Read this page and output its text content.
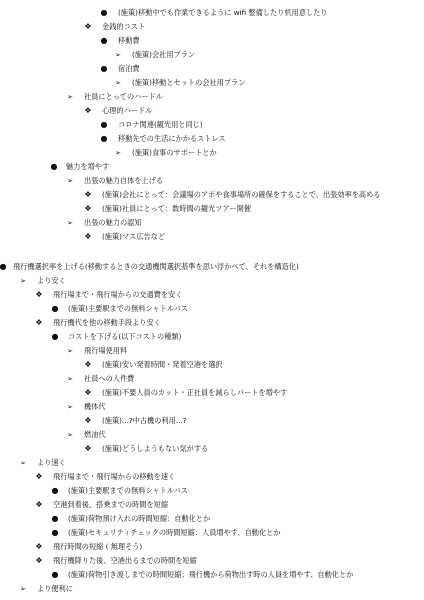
● (施策)移動中でも作業できるように wifi 整備したり机用意したり
❖ 金銭的コスト
● 移動費
➢ (施策)会社用プラン
● 宿泊費
➢ (施策)移動とセットの会社用プラン
➢ 社員にとってのハードル
❖ 心理的ハードル
● コロナ関連(観光用と同じ)
● 移動先での生活にかかるストレス
➢ (施策)食事のサポートとか
● 魅力を増やす
➢ 出張の魅力自体を上げる
❖ (施策)会社にとって：会議場のアポや食事場所の確保をすることで、出張効率を高める
❖ (施策)社員にとって：数時間の観光ツアー開催
➢ 出張の魅力の認知
❖ (施策)マス広告など
● 飛行機選択率を上げる(移動するときの交通機関選択基準を思い浮かべて、それを構造化)
➢ より安く
❖ 飛行場まで・飛行場からの交通費を安く
● (施策)主要駅までの無料シャトルバス
❖ 飛行機代を他の移動手段より安く
● コストを下げる(以下コストの種類)
➢ 飛行場使用料
❖ (施策)安い発着時間・発着空港を選択
➢ 社員への人件費
❖ (施策)不要人員のカット・正社員を減らしパートを増やす
➢ 機体代
❖ (施策)...?中古機の利用...?
➢ 燃油代
❖ (施策)どうしようもない気がする
➢ より速く
❖ 飛行場まで・飛行場からの移動を速く
● (施策)主要駅までの無料シャトルバス
❖ 空港到着後、搭乗までの時間を短縮
● (施策)荷物預け入れの時間短縮：自動化とか
● (施策)セキュリティチェックの時間短縮：人員増やす、自動化とか
❖ 飛行時間の短縮 ( 無理そう)
❖ 飛行機降りた後、空港出るまでの時間を短縮
● (施策)荷物引き渡しまでの時間短縮；飛行機から荷物出す時の人員を増やす、自動化とか
➢ より便利に
